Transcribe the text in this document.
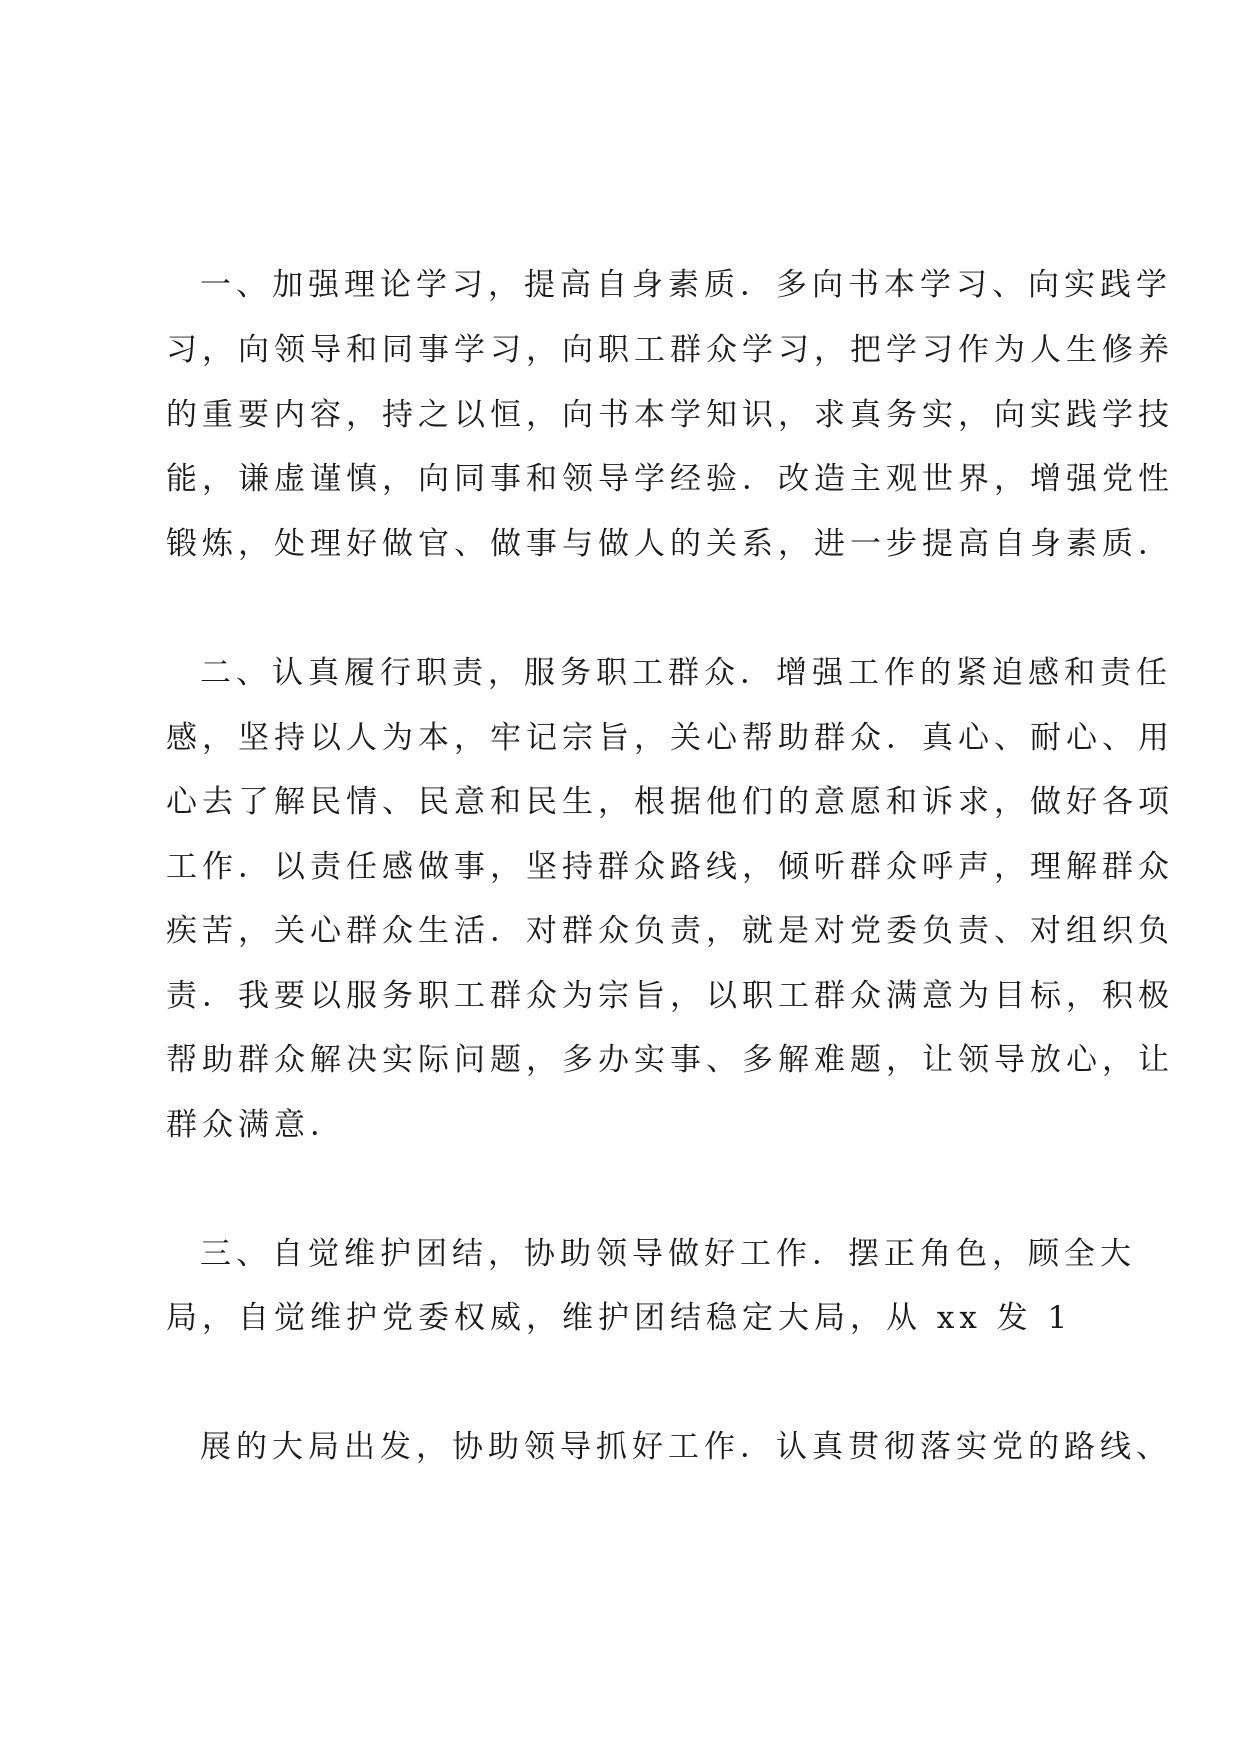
一、加强理论学习，提高自身素质．多向书本学习、向实践学

习，向领导和同事学习，向职工群众学习，把学习作为人生修养

的重要内容，持之以恒，向书本学知识，求真务实，向实践学技

能，谦虚谨慎，向同事和领导学经验．改造主观世界，增强党性

锻炼，处理好做官、做事与做人的关系，进一步提高自身素质．

二、认真履行职责，服务职工群众．增强工作的紧迫感和责任

感，坚持以人为本，牢记宗旨，关心帮助群众．真心、耐心、用

心去了解民情、民意和民生，根据他们的意愿和诉求，做好各项

工作．以责任感做事，坚持群众路线，倾听群众呼声，理解群众

疾苦，关心群众生活．对群众负责，就是对党委负责、对组织负

责．我要以服务职工群众为宗旨，以职工群众满意为目标，积极

帮助群众解决实际问题，多办实事、多解难题，让领导放心，让

群众满意．

三、自觉维护团结，协助领导做好工作．摆正角色，顾全大

局，自觉维护党委权威，维护团结稳定大局，从 xx 发 1

展的大局出发，协助领导抓好工作．认真贯彻落实党的路线、
